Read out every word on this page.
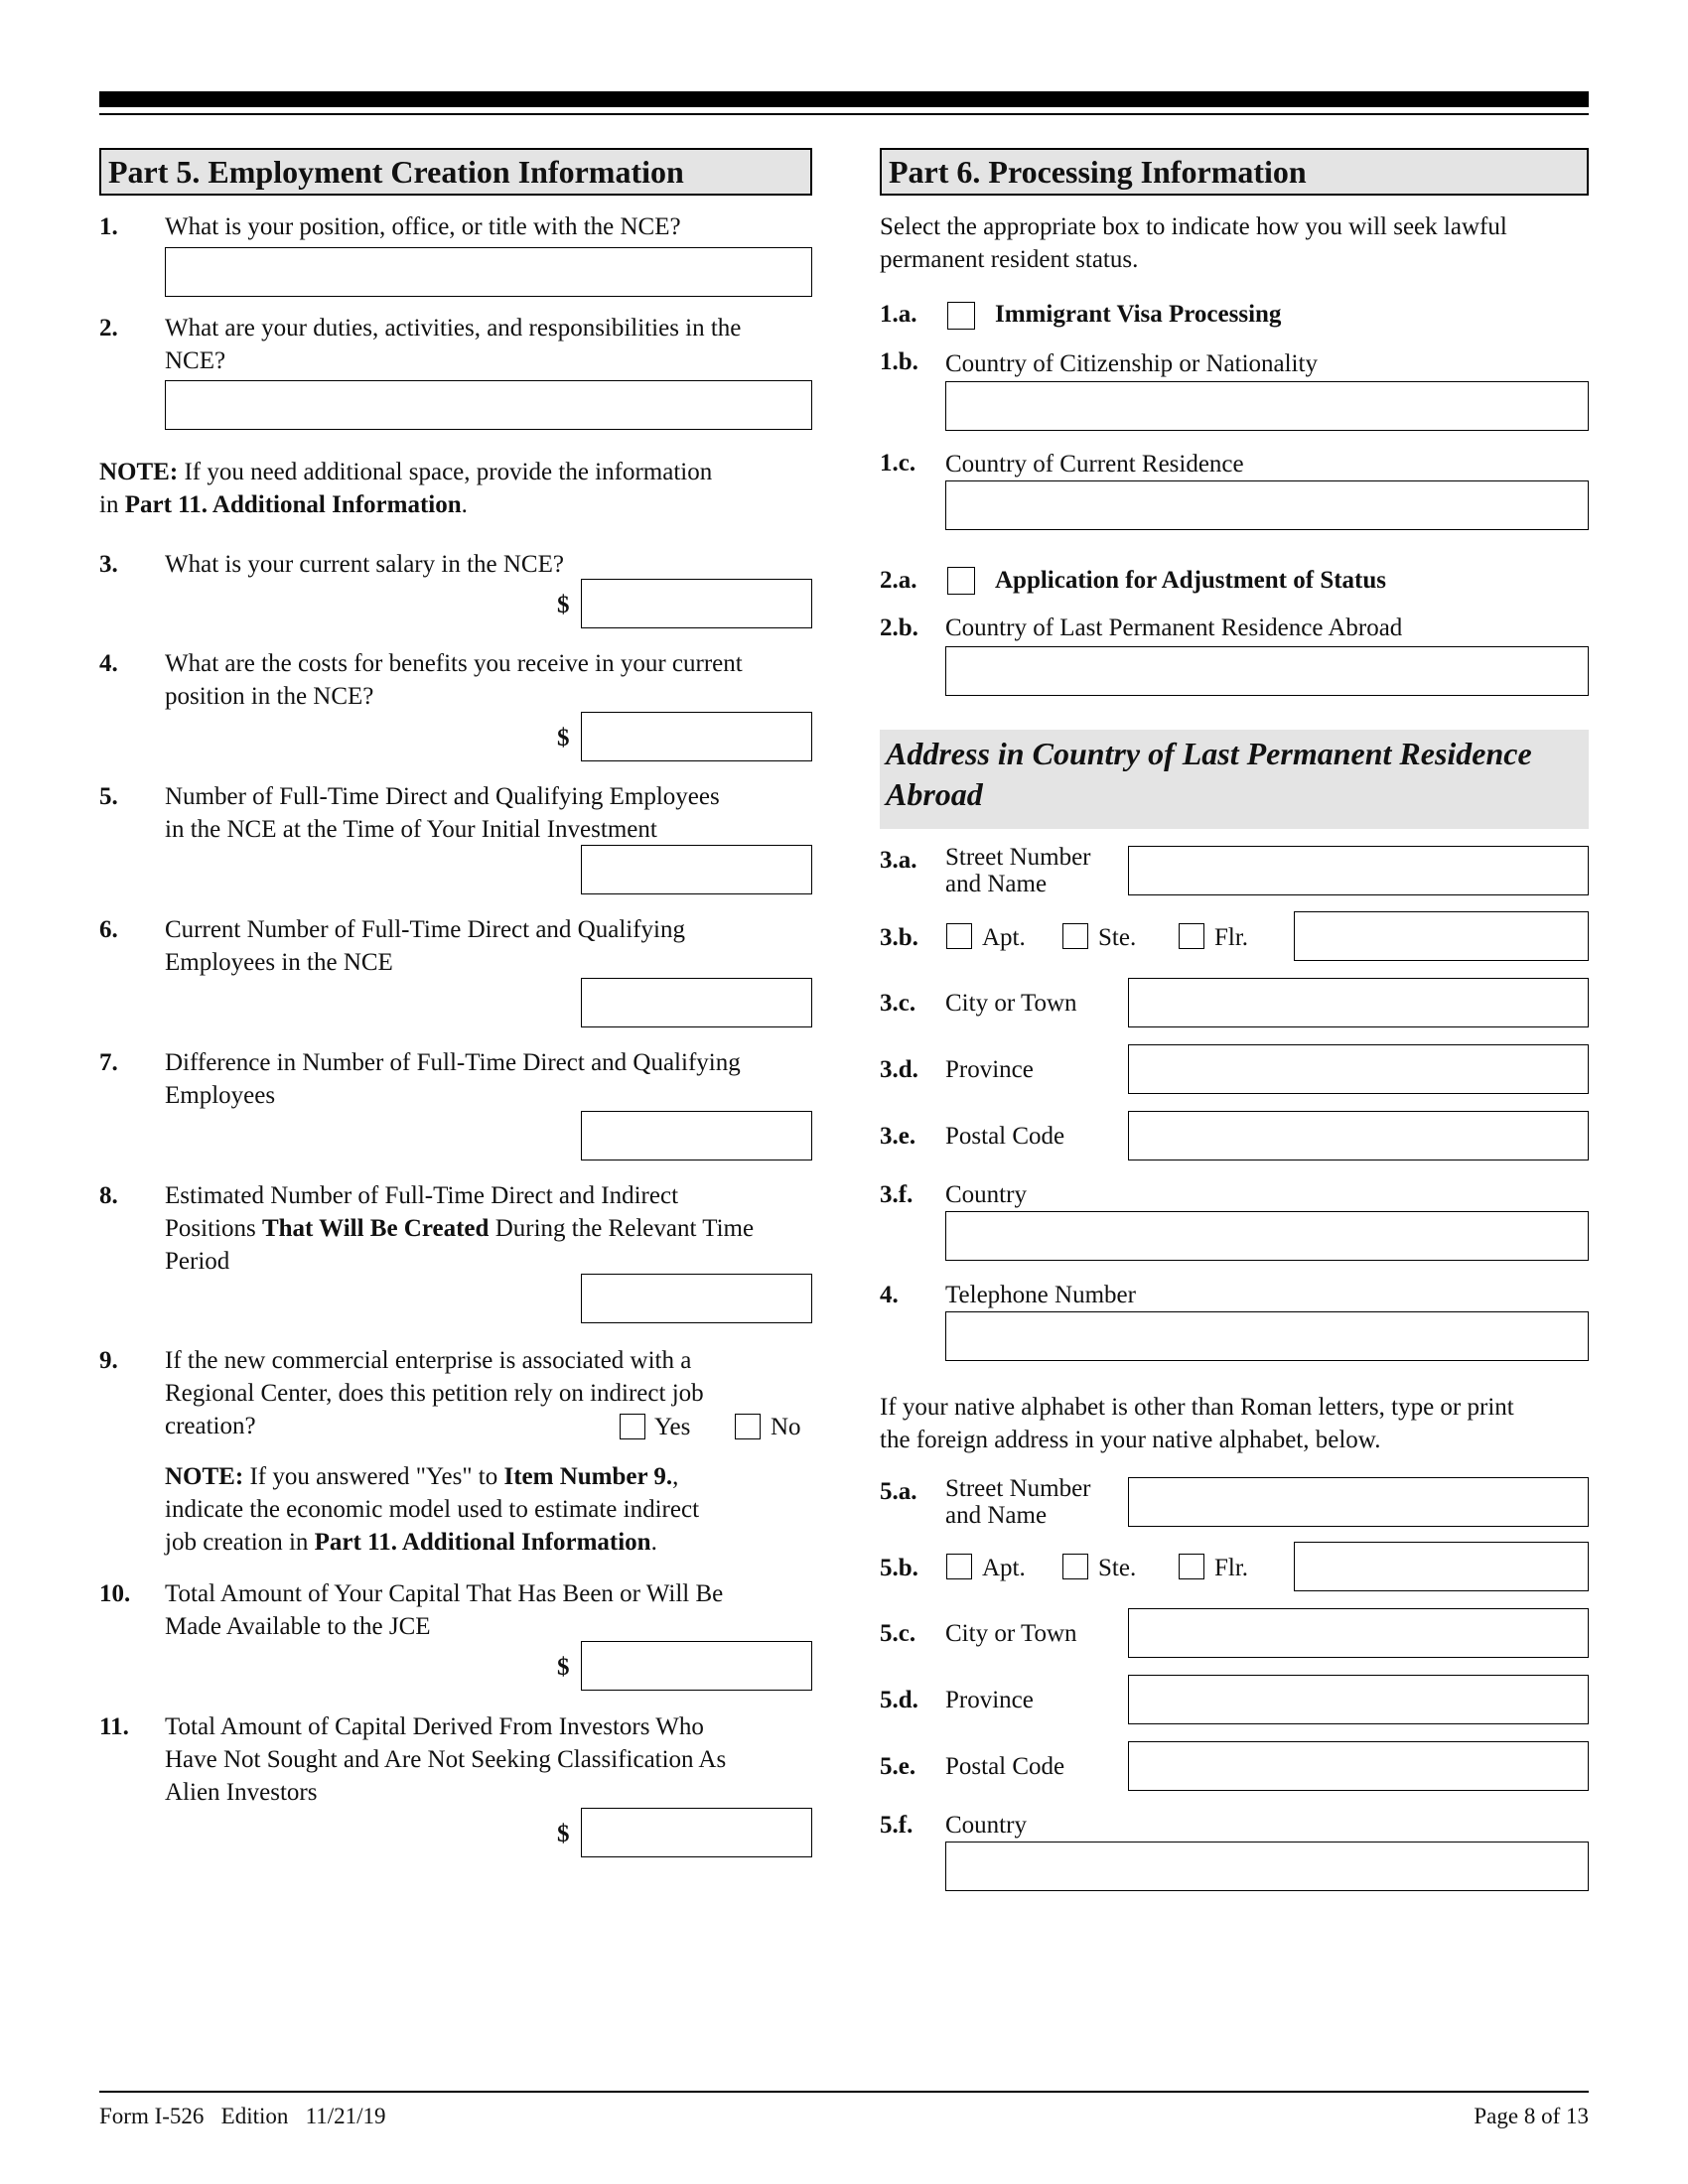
Part 5. Employment Creation Information
1. What is your position, office, or title with the NCE?
2. What are your duties, activities, and responsibilities in the
NCE?
NOTE: If you need additional space, provide the information
in Part 11. Additional Information.
3. What is your current salary in the NCE?
$
4. What are the costs for benefits you receive in your current
position in the NCE?
$
5. Number of Full-Time Direct and Qualifying Employees
in the NCE at the Time of Your Initial Investment
6. Current Number of Full-Time Direct and Qualifying
Employees in the NCE
7. Difference in Number of Full-Time Direct and Qualifying
Employees
8. Estimated Number of Full-Time Direct and Indirect
Positions That Will Be Created During the Relevant Time
Period
9. If the new commercial enterprise is associated with a
Regional Center, does this petition rely on indirect job
creation?	Yes	No
NOTE: If you answered "Yes" to Item Number 9.,
indicate the economic model used to estimate indirect
job creation in Part 11. Additional Information.
10. Total Amount of Your Capital That Has Been or Will Be
Made Available to the JCE
$
11. Total Amount of Capital Derived From Investors Who
Have Not Sought and Are Not Seeking Classification As
Alien Investors
$
Part 6. Processing Information
Select the appropriate box to indicate how you will seek lawful
permanent resident status.
1.a.	Immigrant Visa Processing
1.b. Country of Citizenship or Nationality
1.c. Country of Current Residence
2.a.	Application for Adjustment of Status
2.b. Country of Last Permanent Residence Abroad
Address in Country of Last Permanent Residence Abroad
3.a. Street Number
and Name
3.b.	Apt.	Ste.	Flr.
3.c. City or Town
3.d. Province
3.e. Postal Code
3.f. Country
4. Telephone Number
If your native alphabet is other than Roman letters, type or print
the foreign address in your native alphabet, below.
5.a. Street Number
and Name
5.b.	Apt.	Ste.	Flr.
5.c. City or Town
5.d. Province
5.e. Postal Code
5.f. Country
Form I-526   Edition   11/21/19	Page 8 of 13
